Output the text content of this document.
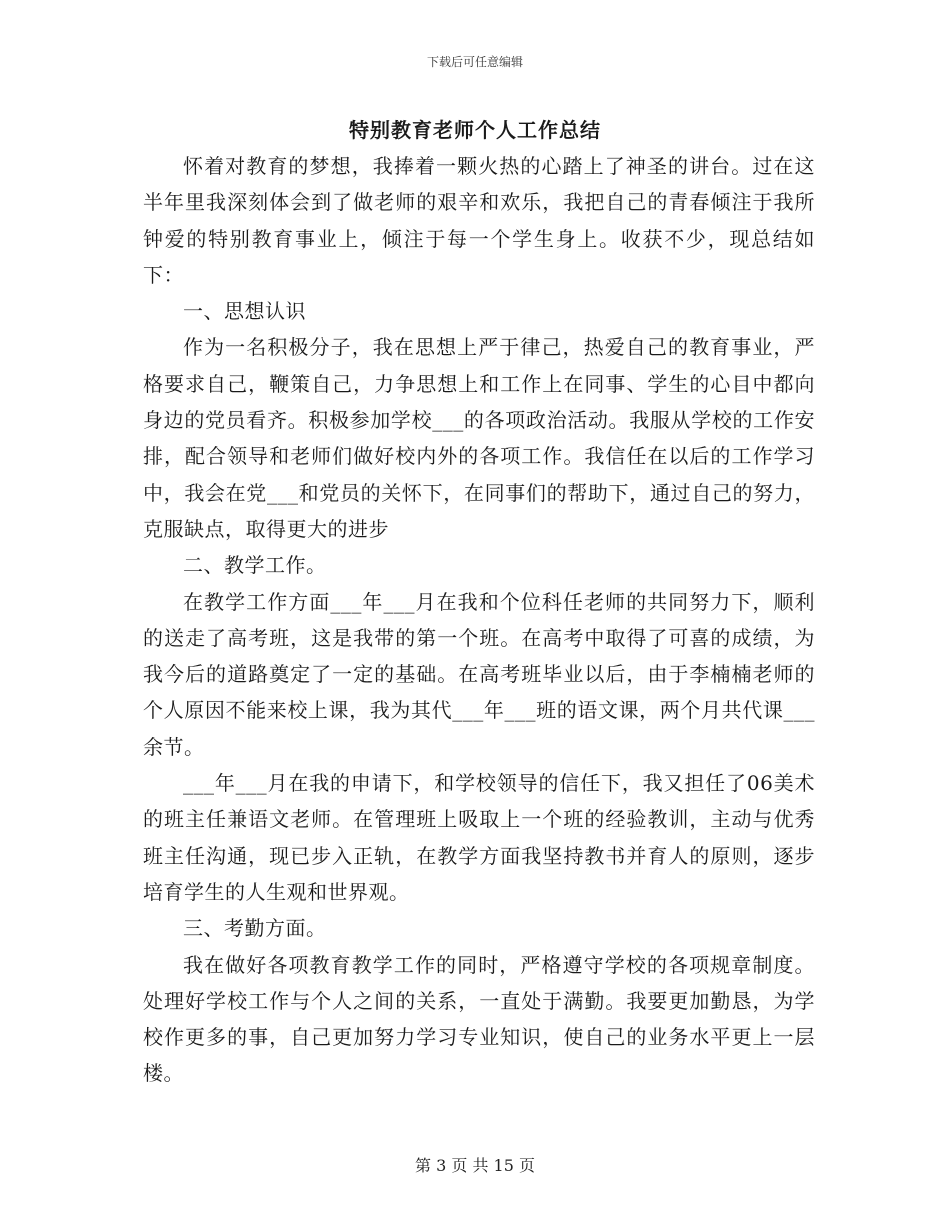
下载后可任意编辑
特别教育老师个人工作总结

怀着对教育的梦想，我捧着一颗火热的心踏上了神圣的讲台。过在这半年里我深刻体会到了做老师的艰辛和欢乐，我把自己的青春倾注于我所钟爱的特别教育事业上，倾注于每一个学生身上。收获不少，现总结如下：

一、思想认识

作为一名积极分子，我在思想上严于律己，热爱自己的教育事业，严格要求自己，鞭策自己，力争思想上和工作上在同事、学生的心目中都向身边的党员看齐。积极参加学校___的各项政治活动。我服从学校的工作安排，配合领导和老师们做好校内外的各项工作。我信任在以后的工作学习中，我会在党___和党员的关怀下，在同事们的帮助下，通过自己的努力，克服缺点，取得更大的进步

二、教学工作。

在教学工作方面___年___月在我和个位科任老师的共同努力下，顺利的送走了高考班，这是我带的第一个班。在高考中取得了可喜的成绩，为我今后的道路奠定了一定的基础。在高考班毕业以后，由于李楠楠老师的个人原因不能来校上课，我为其代___年___班的语文课，两个月共代课___余节。

___年___月在我的申请下，和学校领导的信任下，我又担任了06美术的班主任兼语文老师。在管理班上吸取上一个班的经验教训，主动与优秀班主任沟通，现已步入正轨，在教学方面我坚持教书并育人的原则，逐步培育学生的人生观和世界观。

三、考勤方面。

我在做好各项教育教学工作的同时，严格遵守学校的各项规章制度。处理好学校工作与个人之间的关系，一直处于满勤。我要更加勤恳，为学校作更多的事，自己更加努力学习专业知识，使自己的业务水平更上一层楼。

第 3 页 共 15 页
